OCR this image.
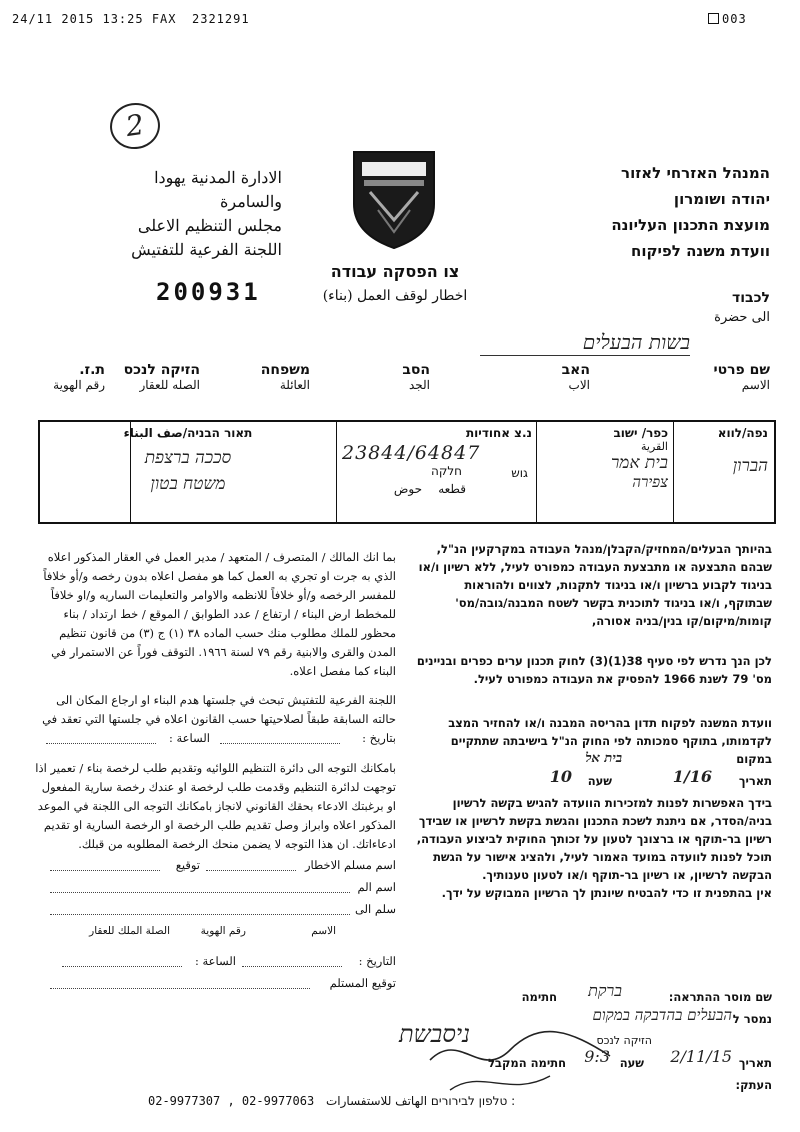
24/11 2015 13:25 FAX 2321291	003
2
המנהל האזרחי לאזור
יהודה ושומרון
מועצת התכנון העליונה
וועדת משנה לפיקוח
الادارة المدنية يهودا
والسامرة
مجلس التنظيم الاعلى
اللجنة الفرعية للتفتيش
צו הפסקה עבודה
اخطار لوقف العمل (بناء)
200931	לכבוד
الى حضرة
בשות הבעלים
שם פרטי
الاسم
האב
الاب
הסב
الجد
משפחה
العائلة
הזיקה לנכס
الصله للعقار
ת.ז.
رقم الهوية
נפה/לווא
הברון
כפר/ ישוב
القرية
בית אמר
צפירה
נ.צ אחודיות
23844/64847
גוש
חלקה
حوض قطعه
תאור הבניה/صف البناء
סככה ברצפת
משטח בטון
בהיותך הבעלים/המחזיק/הקבלן/מנהל העבודה במקרקעין הנ"ל, שבהם התבצעה או מתבצעת העבודה כמפורט לעיל, ללא רשיון ו/או בניגוד לקבוע ברשיון ו/או בניגוד לתקנות, לצווים ולהוראות שבתוקף, ו/או בניגוד לתוכנית בקשר לשטח המבנה/גובה/מס' קומות/מיקום/קו בנין/בניה אסורה,
לכן הנך נדרש לפי סעיף 38(1)(3) לחוק תכנון ערים כפרים ובניינים מס' 79 לשנת 1966 להפסיק את העבודה כמפורט לעיל.
וועדת המשנה לפקוח תדון בהריסה המבנה ו/או להחזיר המצב לקדמותו, בתוקף סמכותה לפי החוק הנ"ל בישיבתה שתתקיים במקום
בית אל
תאריך
1/16
שעה
10
בידך האפשרות לפנות למזכירות הוועדה להגיש בקשה לרשיון בניה/הסדר, אם ניתנת לשכת התכנון והגשת בקשת לרשיון או שבידך רשיון בר-תוקף או ברצונך לטעון על זכותך החוקית לביצוע העבודה, תוכל לפנות לוועדה במועד האמור לעיל, ולהציג אישור על הגשת הבקשה לרשיון, או רשיון בר-תוקף ו/או לטעון טענותיך.
אין בהתפנית זו כדי להבטיח שיונתן לך הרשיון המבוקש על ידך.
שם מוסר ההתראה:
ברקת
חתימה
נמסר ל
הבעלים בהדבקה במקום
הזיקה לנכס
תאריך
2/11/15
שעה
9:3
חתימה המקבל
העתק:
بما انك المالك / المتصرف / المتعهد / مدير العمل في العقار المذكور اعلاه الذي به جرت او تجري به العمل كما هو مفصل اعلاه بدون رخصه و/أو خلافاً للمفسر الرخصه و/أو خلافاً للانظمه والاوامر والتعليمات الساريه و/او خلافاً للمخطط ارض البناء / ارتفاع / عدد الطوابق / الموقع / خط ارتداد / بناء محظور للملك مطلوب منك حسب الماده ٣٨ (١) ج (٣) من قانون تنظيم المدن والقرى والابنية رقم ٧٩ لسنة ١٩٦٦. التوقف فوراً عن الاستمرار في البناء كما مفصل اعلاه.
اللجنة الفرعية للتفتيش تبحث في جلستها هدم البناء او ارجاع المكان الى حالته السابقة طبقاً لصلاحيتها حسب القانون اعلاه في جلستها التي تعقد في
بتاريخ :
الساعة :
بامكانك التوجه الى دائرة التنظيم اللوائيه وتقديم طلب لرخصة بناء / تعمير اذا توجهت لدائرة التنظيم وقدمت طلب لرخصة او عندك رخصة سارية المفعول او برغبتك الادعاء بحقك القانوني لانجاز بامكانك التوجه الى اللجنة في الموعد المذكور اعلاه وابراز وصل تقديم طلب الرخصة او الرخصة السارية او تقديم ادعاءاتك. ان هذا التوجه لا يضمن منحك الرخصة المطلوبه من قبلك.
اسم مسلم الاخطار
توقيع
اسم الم
سلم الى
الاسم
رقم الهوية
الصلة الملك للعقار
التاريخ :
الساعة :
توقيع المستلم
ניסבשת
02-9977307 , 02-9977063 טלפון לבירורים الهاتف للاستفسارات :
